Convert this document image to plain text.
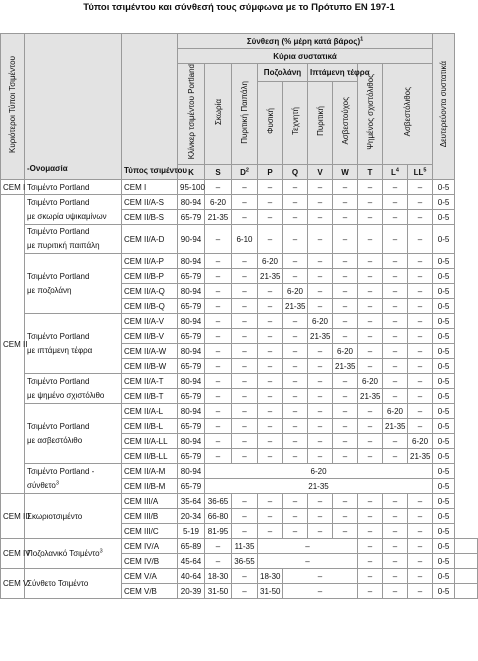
Τύποι τσιμέντου και σύνθεσή τους σύμφωνα με το Πρότυπο ΕΝ 197-1
Κυριότεροι Τύποι Τσιμέντου	-Ονομασία	Τύπος τσιμέντου	Σύνθεση (% μέρη κατά βάρος)$^1$										Δευτερεύοντα συστατικά	
			Κύρια συστατικά											
			Κλίνκερ τσιμέντου Portland	Σκωρία	Πυριτική Παιπάλη	Ποζολάνη		Ιπτάμενη τέφρα		Ψημένος σχιστόλιθος	Ασβεστόλιθος			
						Φυσική	Τεχνητή	Πυριτική	Ασβεστούχος					
			K	S	$D^2$	P	Q	V	W	T	$L^4$	$LL^5$
CEM I	Τσιμέντο Portland	CEM I	95-100	–	–	–	–	–	–	–	–	–	0-5	
CEM II	Τσιμέντο Portland
με σκωρία υψικαμίνων	CEM II/A-S	80-94	6-20	–	–	–	–	–	–	–	–	0-5	
		CEM II/B-S	65-79	21-35	–	–	–	–	–	–	–	–	0-5	

	Τσιμέντο Portland
με πυριτική παιπάλη	CEM II/A-D	90-94	–	6-10	–	–	–	–	–	–	–	0-5	

	Τσιμέντο Portland
με ποζολάνη	CEM II/A-P	80-94	–	–	6-20	–	–	–	–	–	–	0-5	
		CEM II/B-P	65-79	–	–	21-35	–	–	–	–	–	–	0-5	
		CEM II/A-Q	80-94	–	–	–	6-20	–	–	–	–	–	0-5	
		CEM II/B-Q	65-79	–	–	–	21-35	–	–	–	–	–	0-5	

	Τσιμέντο Portland
με ιπτάμενη τέφρα	CEM II/A-V	80-94	–	–	–	–	6-20	–	–	–	–	0-5	
		CEM II/B-V	65-79	–	–	–	–	21-35	–	–	–	–	0-5	
		CEM II/A-W	80-94	–	–	–	–	–	6-20	–	–	–	0-5	
		CEM II/B-W	65-79	–	–	–	–	–	21-35	–	–	–	0-5	

	Τσιμέντο Portland
με ψημένο σχιστόλιθο	CEM II/A-T	80-94	–	–	–	–	–	–	6-20	–	–	0-5	
		CEM II/B-T	65-79	–	–	–	–	–	–	21-35	–	–	0-5	

	Τσιμέντο Portland
με ασβεστόλιθο	CEM II/A-L	80-94	–	–	–	–	–	–	–	6-20	–	0-5	
		CEM II/B-L	65-79	–	–	–	–	–	–	–	21-35	–	0-5	
		CEM II/A-LL	80-94	–	–	–	–	–	–	–	–	6-20	0-5	
		CEM II/B-LL	65-79	–	–	–	–	–	–	–	–	21-35	0-5	

	Τσιμέντο Portland -
σύνθετο$^3$	CEM II/A-M	80-94	6-20									0-5	
		CEM II/B-M	65-79	21-35									0-5	
CEM III	Σκωριοτσιμέντο	CEM III/A	35-64	36-65	–	–	–	–	–	–	–	–	0-5	
		CEM III/B	20-34	66-80	–	–	–	–	–	–	–	–	0-5	
		CEM III/C	5-19	81-95	–	–	–	–	–	–	–	–	0-5	
CEM IV	Ποζολανικό Τσιμέντο$^3$	CEM IV/A	65-89	–	11-35	–				–	–	–	0-5	
		CEM IV/B	45-64	–	36-55	–				–	–	–	0-5	
CEM V	Σύνθετο Τσιμέντο	CEM V/A	40-64	18-30	–	18-30	–			–	–	–	0-5	
		CEM V/B	20-39	31-50	–	31-50	–			–	–	–	0-5	
